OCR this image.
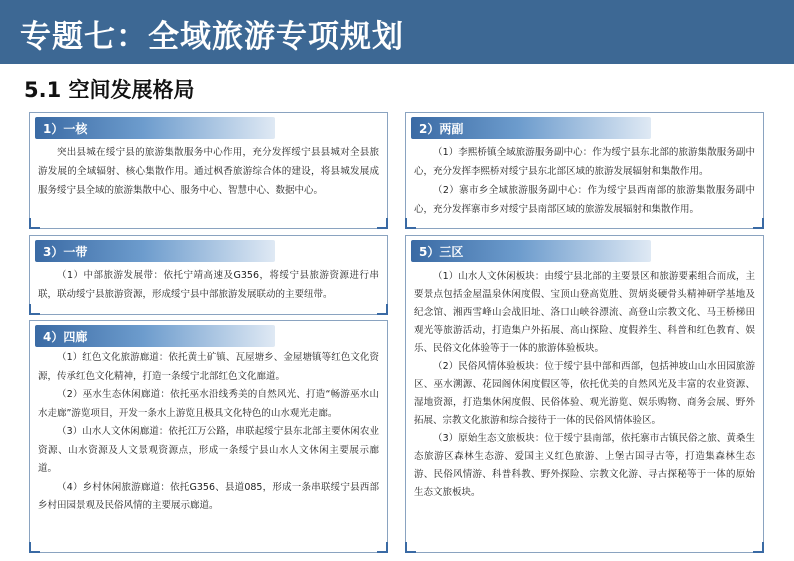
专题七：全域旅游专项规划
5.1 空间发展格局
1）一核

突出县城在绥宁县的旅游集散服务中心作用，充分发挥绥宁县县城对全县旅游发展的全域辐射、核心集散作用。通过枫香旅游综合体的建设，将县城发展成服务绥宁县全域的旅游集散中心、服务中心、智慧中心、数据中心。

2）两副

（1）李熙桥镇全域旅游服务副中心：作为绥宁县东北部的旅游集散服务副中心，充分发挥李熙桥对绥宁县东北部区域的旅游发展辐射和集散作用。

（2）寨市乡全域旅游服务副中心：作为绥宁县西南部的旅游集散服务副中心，充分发挥寨市乡对绥宁县南部区域的旅游发展辐射和集散作用。

3）一带

（1）中部旅游发展带：依托宁靖高速及G356，将绥宁县旅游资源进行串联，联动绥宁县旅游资源，形成绥宁县中部旅游发展联动的主要纽带。

4）四廊

（1）红色文化旅游廊道：依托黄土矿镇、瓦屋塘乡、金屋塘镇等红色文化资源，传承红色文化精神，打造一条绥宁北部红色文化廊道。

（2）巫水生态休闲廊道：依托巫水沿线秀美的自然风光、打造“畅游巫水山水走廊”游览项目，开发一条水上游览且极具文化特色的山水观光走廊。

（3）山水人文休闲廊道：依托江万公路，串联起绥宁县东北部主要休闲农业资源、山水资源及人文景观资源点，形成一条绥宁县山水人文休闲主要展示廊道。

（4）乡村休闲旅游廊道：依托G356、县道085，形成一条串联绥宁县西部乡村田园景观及民俗风情的主要展示廊道。

5）三区

（1）山水人文休闲板块：由绥宁县北部的主要景区和旅游要素组合而成，主要景点包括金屋温泉休闲度假、宝顶山登高览胜、贺炳炎硬骨头精神研学基地及纪念馆、湘西雪峰山会战旧址、洛口山峡谷漂流、高登山宗教文化、马王桥梯田观光等旅游活动，打造集户外拓展、高山探险、度假养生、科普和红色教育、娱乐、民俗文化体验等于一体的旅游体验板块。

（2）民俗风情体验板块：位于绥宁县中部和西部，包括神坡山山水田园旅游区、巫水溯源、花园阁休闲度假区等，依托优美的自然风光及丰富的农业资源、湿地资源，打造集休闲度假、民俗体验、观光游览、娱乐购物、商务会展、野外拓展、宗教文化旅游和综合接待于一体的民俗风情体验区。

（3）原始生态文旅板块：位于绥宁县南部，依托寨市古镇民俗之旅、黄桑生态旅游区森林生态游、爱国主义红色旅游、上堡古国寻古等，打造集森林生态游、民俗风情游、科普科教、野外探险、宗教文化游、寻古探秘等于一体的原始生态文旅板块。
